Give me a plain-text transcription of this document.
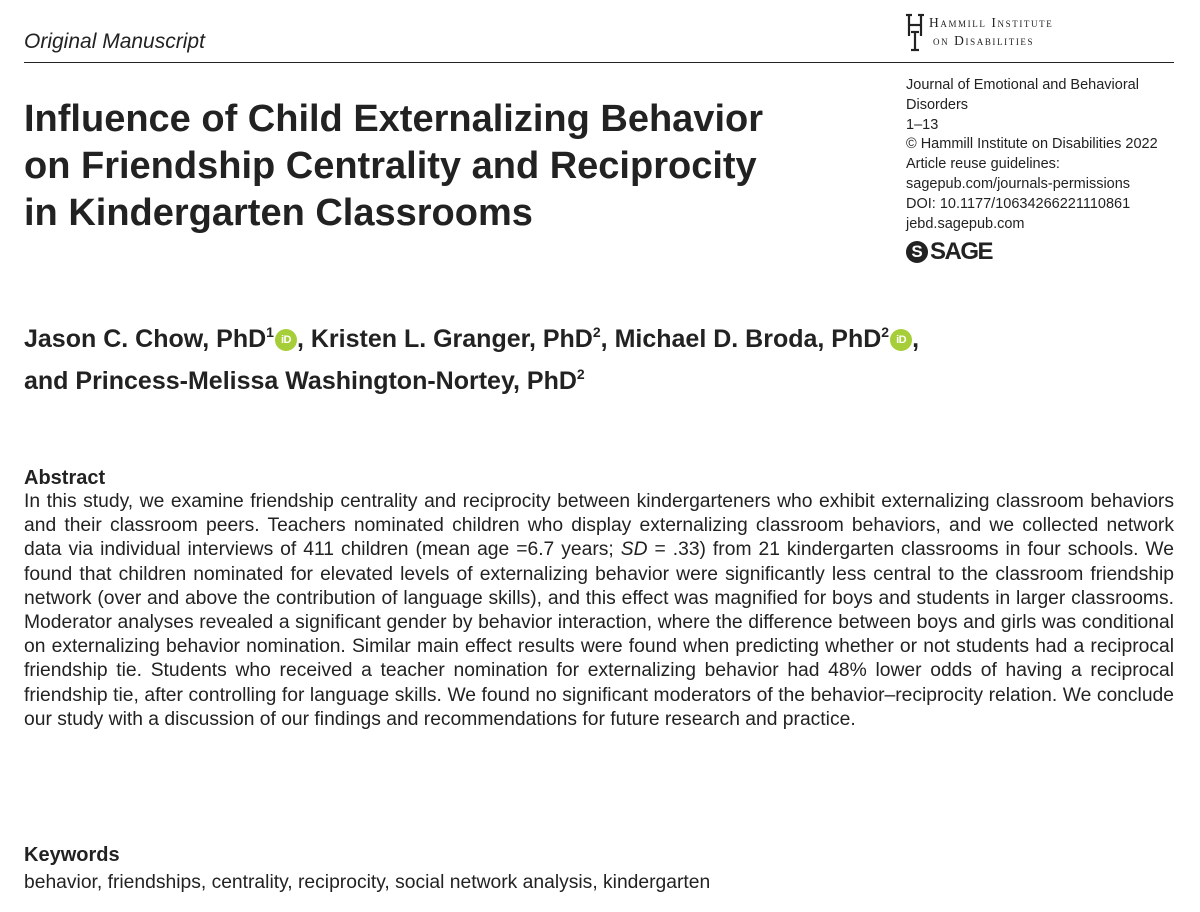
Original Manuscript
Hammill Institute
on Disabilities
Influence of Child Externalizing Behavior
on Friendship Centrality and Reciprocity
in Kindergarten Classrooms
Journal of Emotional and Behavioral
Disorders
1–13
© Hammill Institute on Disabilities 2022
Article reuse guidelines:
sagepub.com/journals-permissions
DOI: 10.1177/10634266221110861
jebd.sagepub.com
S SAGE
Jason C. Chow, PhD$^1$ iD , Kristen L. Granger, PhD$^2$, Michael D. Broda, PhD$^2$ iD ,
and Princess-Melissa Washington-Nortey, PhD$^2$
Abstract

In this study, we examine friendship centrality and reciprocity between kindergarteners who exhibit externalizing classroom behaviors and their classroom peers. Teachers nominated children who display externalizing classroom behaviors, and we collected network data via individual interviews of 411 children (mean age =6.7 years; SD = .33) from 21 kindergarten classrooms in four schools. We found that children nominated for elevated levels of externalizing behavior were significantly less central to the classroom friendship network (over and above the contribution of language skills), and this effect was magnified for boys and students in larger classrooms. Moderator analyses revealed a significant gender by behavior interaction, where the difference between boys and girls was conditional on externalizing behavior nomination. Similar main effect results were found when predicting whether or not students had a reciprocal friendship tie. Students who received a teacher nomination for externalizing behavior had 48% lower odds of having a reciprocal friendship tie, after controlling for language skills. We found no significant moderators of the behavior–reciprocity relation. We conclude our study with a discussion of our findings and recommendations for future research and practice.

Keywords
behavior, friendships, centrality, reciprocity, social network analysis, kindergarten
